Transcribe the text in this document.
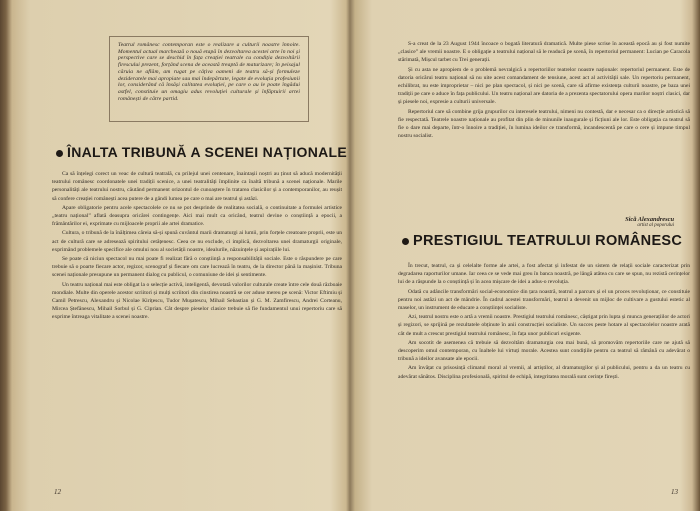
Teatrul românesc contemporan este o realizare a culturii noastre înnoite. Momentul actual marchează o nouă etapă în dezvoltarea acestei arte în noi și perspective care se deschid în fața creației teatrale cu condiția dezvoltării firescului prezent, forțând scena de această treaptă de maturizare; în peisajul căruia ne aflăm, am rugat pe câțiva oameni de teatru să-și formuleze dezideratele mai apropiate sau mai îndepărtate, legate de evoluția profesiunii lor, considerând că însăși calitatea evoluției, pe care o au le poate îngădui astfel, constituie un omagiu adus revoluției culturale și înfăptuirii artei românești de către partid.
ÎNALTA TRIBUNĂ A SCENEI NAȚIONALE

Ca să înțelegi corect un veac de cultură teatrală, cu prilejul unei centenare, înaintașii noștri au ținut să aducă modernității teatrului românesc coordonatele unei tradiții scenice, a unei teatralități împlinite ca înaltă tribună a scenei naționale. Marile personalități ale teatrului nostru, căutând permanent orizontul de cunoaștere în tratarea clasicilor și a contemporanilor, au reușit să confere creației românești acea putere de a gândi lumea pe care o mai are teatrul și astăzi.

Apare obligatorie pentru acele spectacolele ce nu se pot desprinde de realitatea socială, o continuitate a formulei artistice „teatru național” aflată deasupra oricărei contingențe. Aici mai mult ca oricând, teatrul devine o conștiință a epocii, a frământărilor ei, exprimate cu mijloacele proprii ale artei dramatice.

Cultura, o tribună de la înălțimea căreia să-și spună cuvântul marii dramaturgi ai lumii, prin forțele creatoare proprii, este un act de cultură care se adresează spiritului cetățenesc. Ceea ce nu exclude, ci implică, dezvoltarea unei dramaturgii originale, exprimând problemele specifice ale omului nou al societății noastre, idealurile, năzuințele și aspirațiile lui.

Se poate că niciun spectacol nu mai poate fi realizat fără o conștiință a responsabilității sociale. Este o răspundere pe care trebuie să o poarte fiecare actor, regizor, scenograf și fiecare om care lucrează în teatru, de la director până la mașinist. Tribuna scenei naționale presupune un permanent dialog cu publicul, o comuniune de idei și sentimente.

Un teatru național mai este obligat la o selecție activă, inteligentă, devotată valorilor culturale create între cele două războaie mondiale. Multe din operele acestor scriitori și mulți scriitori din cinstirea noastră se cer aduse mereu pe scenă: Victor Eftimiu și Camil Petrescu, Alexandru și Nicolae Kirițescu, Tudor Mușatescu, Mihail Sebastian și G. M. Zamfirescu, Andrei Corteanu, Mircea Ștefănescu, Mihail Sorbul și G. Ciprian. Cât despre pieselor clasice trebuie să fie fundamentul unui repertoriu care să exprime întreaga vitalitate a scenei noastre.

12

S-a creat de la 23 August 1944 încoace o bogată literatură dramatică. Multe piese scrise în această epocă au și fost numite „clasice” ale vremii noastre. E o obligație a teatrului național să le readucă pe scenă, în repertoriul permanent: Lucian pe Caracola stărimată, Mișcul tarbet cu Trei generații.

Și cu asta ne apropiem de o problemă nevralgică a repertoriilor teatrelor noastre naționale: repertoriul permanent. Este de datoria oricărui teatru național să nu uite acest comandament de tensiune, acest act al activității sale. Un repertoriu permanent, echilibrat, nu este improprietar – nici pe plan spectacol, și nici pe scenă, care să afirme existența culturii noastre, pe baza unei tradiții pe care o aduce în fața publicului. Un teatru național are datoria de a prezenta spectatorului opera marilor noștri clasici, dar și piesele noi, expresie a culturii universale.

Repertoriul care să combine grija grupurilor cu interesele teatrului, nimeni nu contestă, dar e necesar ca o direcție artistică să fie respectată. Teatrele noastre naționale au profitat din plin de minunile inaugurale și ficțiuni ale lor. Este obligația ca teatrul să fie o dare mai departe, într-o înnoire a tradiției, în lumina ideilor ce transformă, incandescentă pe care o cere și impune timpul nostru socialist.

Sică Alexandrescu
artist al poporului
PRESTIGIUL TEATRULUI ROMÂNESC

În trecut, teatrul, ca și celelalte forme ale artei, a fost afectat și infestat de un sistem de relații sociale caracterizat prin degradarea raporturilor umane. Iar ceea ce se vede mai greu în banca noastră, pe lângă atâtea cu care se spun, nu rezistă cerințelor lui de a răspunde la o conștiință și în acea mișcare de idei a adus-o revoluția.

Odată cu adâncile transformări social-economice din țara noastră, teatrul a parcurs și el un proces revoluționar, ce constituie pentru noi astăzi un act de mândrie. În cadrul acestei transformări, teatrul a devenit un mijloc de cultivare a gustului estetic al maselor, un instrument de educare a conștiinței socialiste.

Azi, teatrul nostru este o artă a vremii noastre. Prestigiul teatrului românesc, câștigat prin lupta și munca generațiilor de actori și regizori, se sprijină pe rezultatele obținute în anii construcției socialiste. Un succes peste hotare al spectacolelor noastre arată cât de mult a crescut prestigiul teatrului românesc, în fața unor publicuri exigente.

Am socotit de asemenea că trebuie să dezvoltăm dramaturgia cea mai bună, să promovăm repertoriile care ne ajută să descoperim omul contemporan, cu înaltele lui virtuți morale. Acestea sunt condițiile pentru ca teatrul să rămână cu adevărat o tribună a ideilor avansate ale epocii.

Am învățat cu prisosință climatul moral al vremii, al artiștilor, al dramaturgilor și al publicului, pentru a da un teatru cu adevărat sănătos. Disciplina profesională, spiritul de echipă, integritatea morală sunt cerințe firești.

13
